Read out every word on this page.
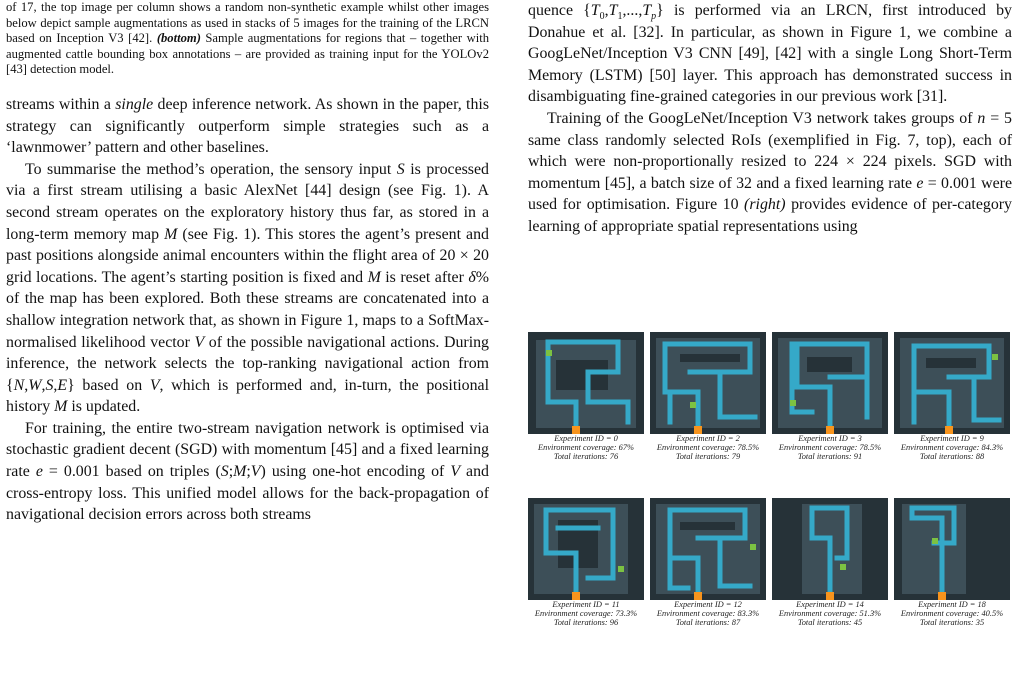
of 17, the top image per column shows a random non-synthetic example whilst other images below depict sample augmentations as used in stacks of 5 images for the training of the LRCN based on Inception V3 [42]. (bottom) Sample augmentations for regions that – together with augmented cattle bounding box annotations – are provided as training input for the YOLOv2 [43] detection model.

streams within a single deep inference network. As shown in the paper, this strategy can significantly outperform simple strategies such as a ‘lawnmower’ pattern and other baselines.

To summarise the method’s operation, the sensory input S is processed via a first stream utilising a basic AlexNet [44] design (see Fig. 1). A second stream operates on the exploratory history thus far, as stored in a long-term memory map M (see Fig. 1). This stores the agent’s present and past positions alongside animal encounters within the flight area of 20 × 20 grid locations. The agent’s starting position is fixed and M is reset after δ% of the map has been explored. Both these streams are concatenated into a shallow integration network that, as shown in Figure 1, maps to a SoftMax-normalised likelihood vector V of the possible navigational actions. During inference, the network selects the top-ranking navigational action from {N,W,S,E} based on V, which is performed and, in-turn, the positional history M is updated.

For training, the entire two-stream navigation network is optimised via stochastic gradient decent (SGD) with momentum [45] and a fixed learning rate e = 0.001 based on triples (S;M;V) using one-hot encoding of V and cross-entropy loss. This unified model allows for the back-propagation of navigational decision errors across both streams

quence $\{T_0,T_1,...,T_p\}$ is performed via an LRCN, first introduced by Donahue et al. [32]. In particular, as shown in Figure 1, we combine a GoogLeNet/Inception V3 CNN [49], [42] with a single Long Short-Term Memory (LSTM) [50] layer. This approach has demonstrated success in disambiguating fine-grained categories in our previous work [31].

Training of the GoogLeNet/Inception V3 network takes groups of n = 5 same class randomly selected RoIs (exemplified in Fig. 7, top), each of which were non-proportionally resized to 224 × 224 pixels. SGD with momentum [45], a batch size of 32 and a fixed learning rate e = 0.001 were used for optimisation. Figure 10 (right) provides evidence of per-category learning of appropriate spatial representations using

Experiment ID = 0
Environment coverage: 67%
Total iterations: 76
Experiment ID = 2
Environment coverage: 78.5%
Total iterations: 79
Experiment ID = 3
Environment coverage: 78.5%
Total iterations: 91
Experiment ID = 9
Environment coverage: 84.3%
Total iterations: 88
Experiment ID = 11
Environment coverage: 73.3%
Total iterations: 96
Experiment ID = 12
Environment coverage: 83.3%
Total iterations: 87
Experiment ID = 14
Environment coverage: 51.3%
Total iterations: 45
Experiment ID = 18
Environment coverage: 40.5%
Total iterations: 35
